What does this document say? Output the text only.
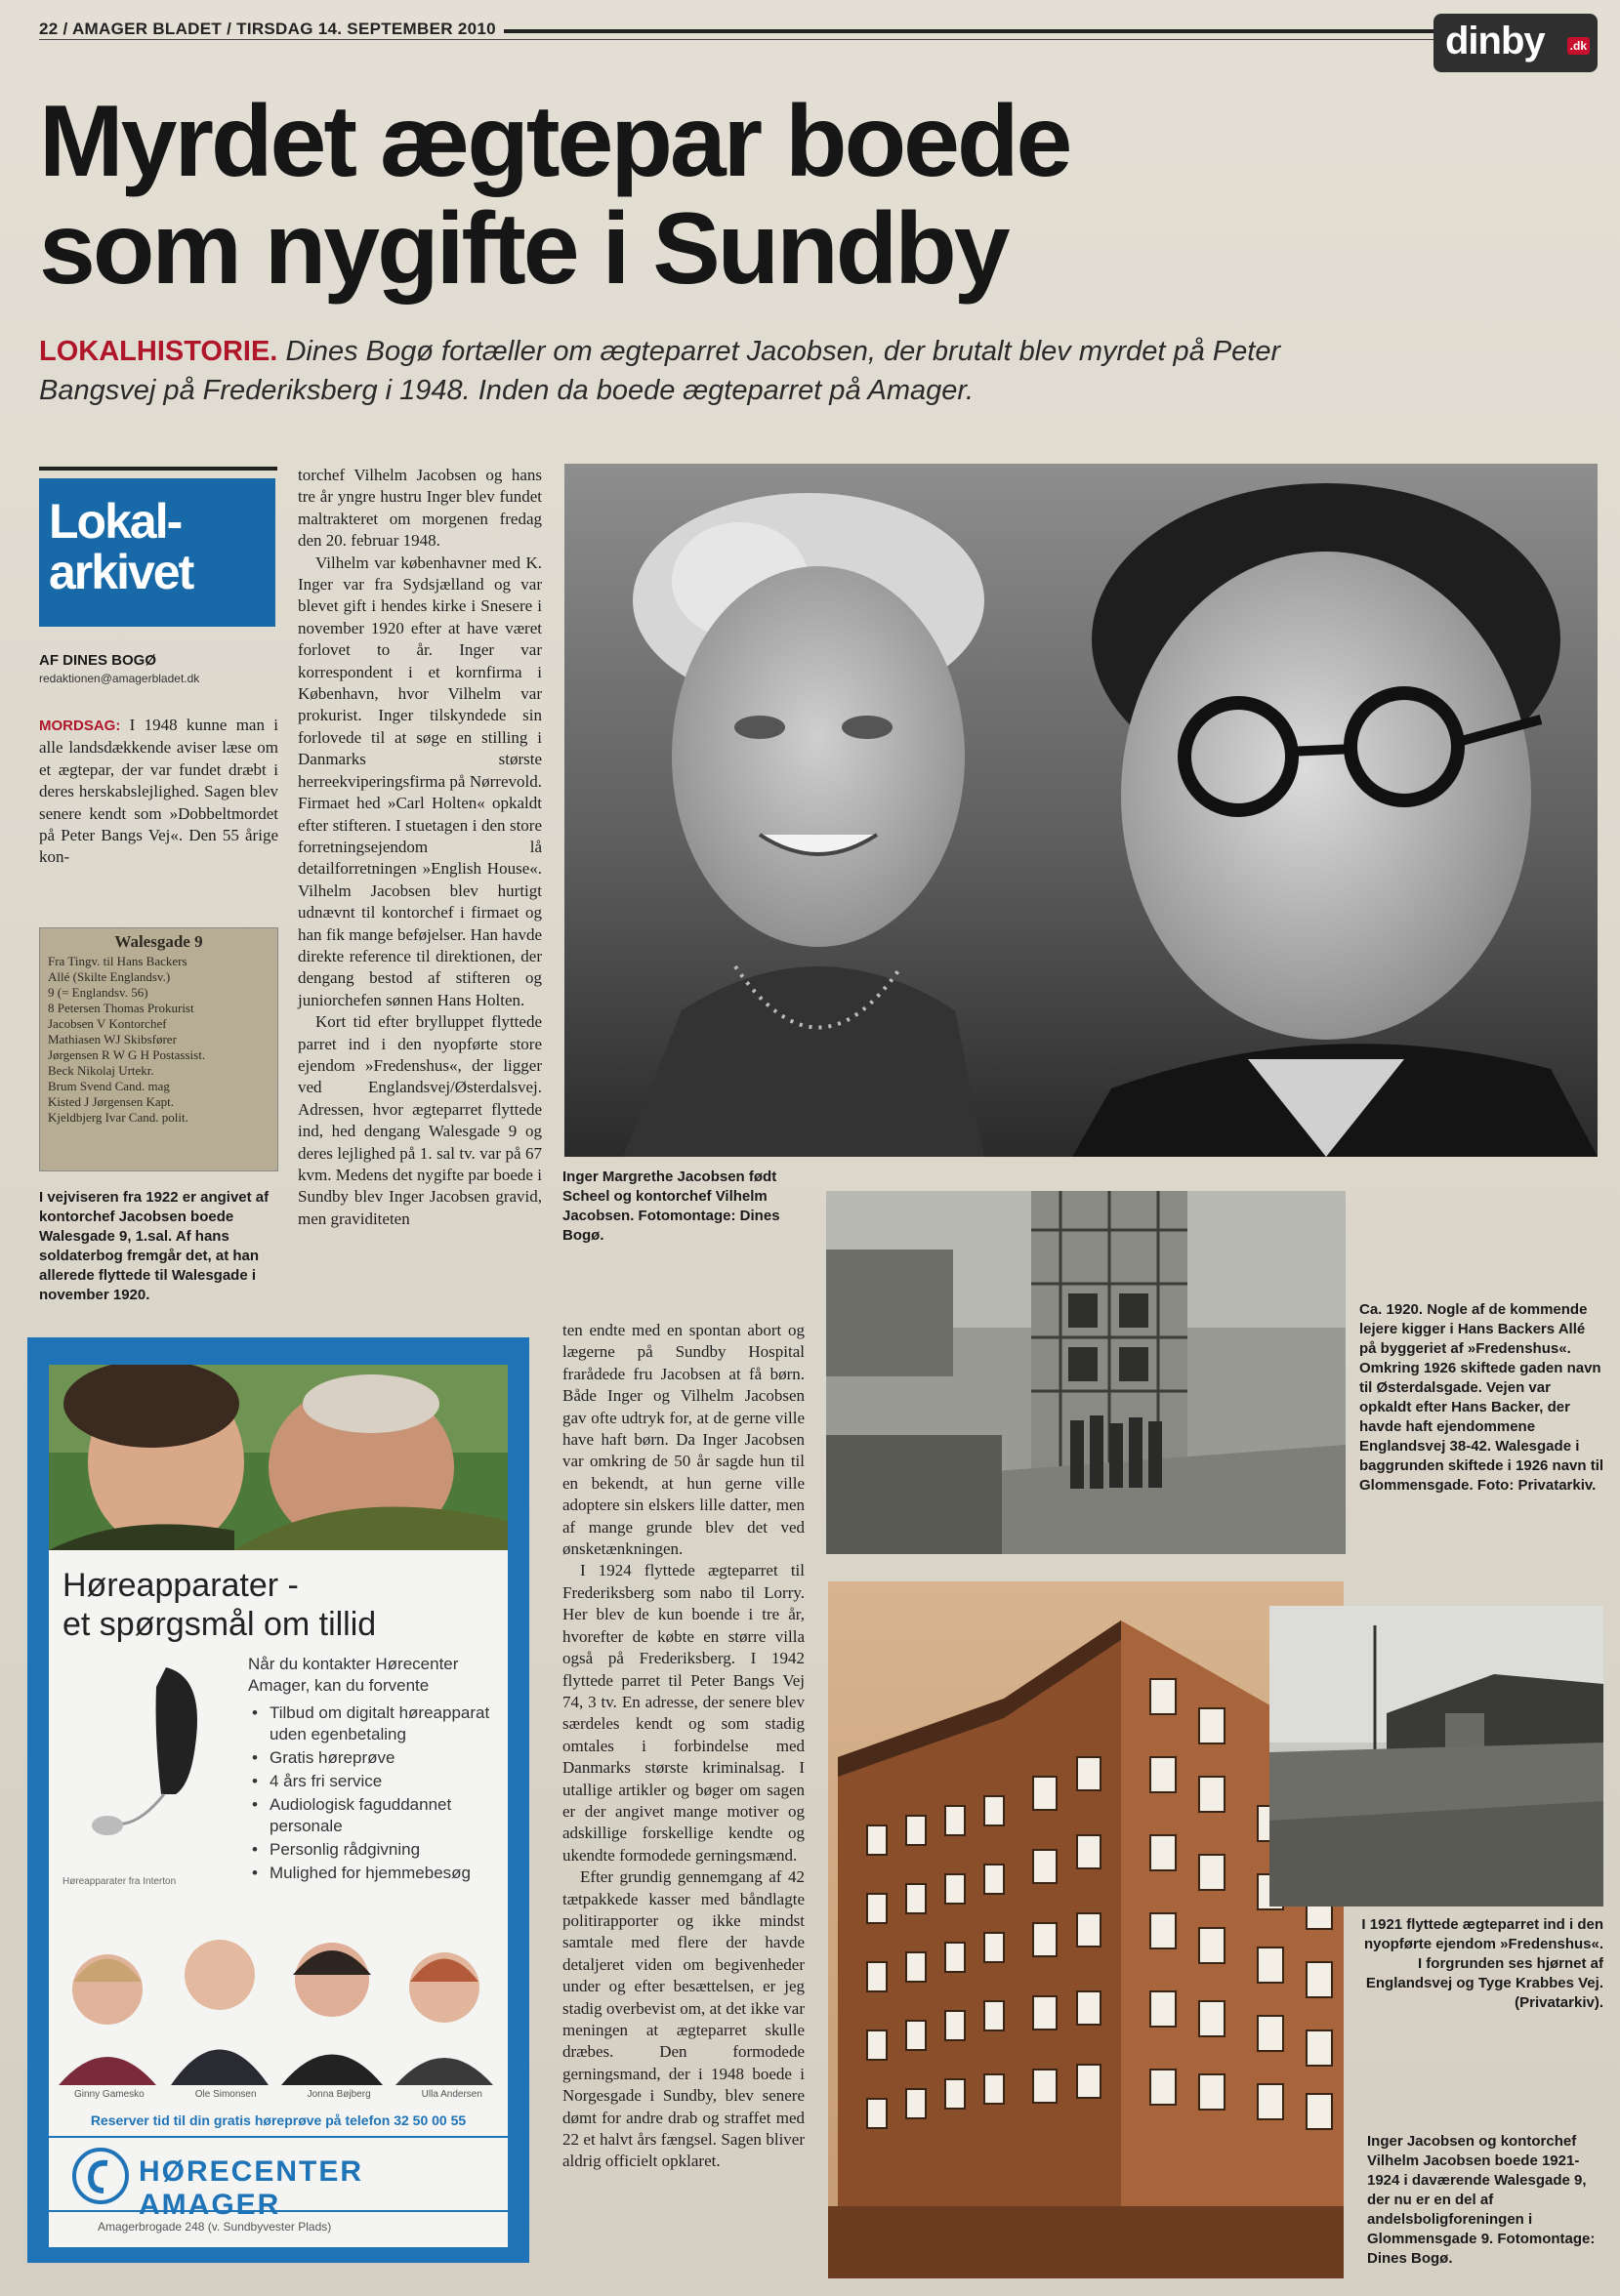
22 / AMAGER BLADET / TIRSDAG 14. SEPTEMBER 2010	dinby .dk
Myrdet ægtepar boede
som nygifte i Sundby
LOKALHISTORIE. Dines Bogø fortæller om ægteparret Jacobsen, der brutalt blev myrdet på Peter Bangsvej på Frederiksberg i 1948. Inden da boede ægteparret på Amager.
Lokal-
arkivet
AF DINES BOGØ
redaktionen@amagerbladet.dk

MORDSAG: I 1948 kunne man i alle landsdækkende aviser læse om et ægtepar, der var fundet dræbt i deres herskabslejlighed. Sagen blev senere kendt som »Dobbeltmordet på Peter Bangs Vej«. Den 55 årige kon-

Walesgade 9
Fra Tingv. til Hans Backers
Allé (Skilte Englandsv.)
9 (= Englandsv. 56)
8 Petersen Thomas Prokurist
Jacobsen V Kontorchef
Mathiasen WJ Skibsfører
Jørgensen R W G H Postassist.
Beck Nikolaj Urtekr.
Brum Svend Cand. mag
Kisted J Jørgensen Kapt.
Kjeldbjerg Ivar Cand. polit.
I vejviseren fra 1922 er angivet af kontorchef Jacobsen boede Walesgade 9, 1.sal. Af hans soldaterbog fremgår det, at han allerede flyttede til Walesgade i november 1920.

torchef Vilhelm Jacobsen og hans tre år yngre hustru Inger blev fundet maltrakteret om morgenen fredag den 20. februar 1948.

Vilhelm var københavner med K. Inger var fra Sydsjælland og var blevet gift i hendes kirke i Snesere i november 1920 efter at have været forlovet to år. Inger var korrespondent i et kornfirma i København, hvor Vilhelm var prokurist. Inger tilskyndede sin forlovede til at søge en stilling i Danmarks største herreekviperingsfirma på Nørrevold. Firmaet hed »Carl Holten« opkaldt efter stifteren. I stuetagen i den store forretningsejendom lå detailforretningen »English House«. Vilhelm Jacobsen blev hurtigt udnævnt til kontorchef i firmaet og han fik mange beføjelser. Han havde direkte reference til direktionen, der dengang bestod af stifteren og juniorchefen sønnen Hans Holten.

Kort tid efter brylluppet flyttede parret ind i den nyopførte store ejendom »Fredenshus«, der ligger ved Englandsvej/Østerdalsvej. Adressen, hvor ægteparret flyttede ind, hed dengang Walesgade 9 og deres lejlighed på 1. sal tv. var på 67 kvm. Medens det nygifte par boede i Sundby blev Inger Jacobsen gravid, men graviditeten

Inger Margrethe Jacobsen født Scheel og kontorchef Vilhelm Jacobsen. Fotomontage: Dines Bogø.
Høreapparater -
et spørgsmål om tillid
Når du kontakter Hørecenter Amager, kan du forvente
• Tilbud om digitalt høreapparat uden egenbetaling
• Gratis høreprøve
• 4 års fri service
• Audiologisk faguddannet personale
• Personlig rådgivning
• Mulighed for hjemmebesøg
Høreapparater fra Interton
Ginny Gamesko	Ole Simonsen	Jonna Bøjberg	Ulla Andersen
Reserver tid til din gratis høreprøve på telefon 32 50 00 55
HØRECENTER AMAGER
Amagerbrogade 248 (v. Sundbyvester Plads)

ten endte med en spontan abort og lægerne på Sundby Hospital frarådede fru Jacobsen at få børn. Både Inger og Vilhelm Jacobsen gav ofte udtryk for, at de gerne ville have haft børn. Da Inger Jacobsen var omkring de 50 år sagde hun til en bekendt, at hun gerne ville adoptere sin elskers lille datter, men af mange grunde blev det ved ønsketænkningen.

I 1924 flyttede ægteparret til Frederiksberg som nabo til Lorry. Her blev de kun boende i tre år, hvorefter de købte en større villa også på Frederiksberg. I 1942 flyttede parret til Peter Bangs Vej 74, 3 tv. En adresse, der senere blev særdeles kendt og som stadig omtales i forbindelse med Danmarks største kriminalsag. I utallige artikler og bøger om sagen er der angivet mange motiver og adskillige forskellige kendte og ukendte formodede gerningsmænd.

Efter grundig gennemgang af 42 tætpakkede kasser med båndlagte politirapporter og ikke mindst samtale med flere der havde detaljeret viden om begivenheder under og efter besættelsen, er jeg stadig overbevist om, at det ikke var meningen at ægteparret skulle dræbes. Den formodede gerningsmand, der i 1948 boede i Norgesgade i Sundby, blev senere dømt for andre drab og straffet med 22 et halvt års fængsel. Sagen bliver aldrig officielt opklaret.

Ca. 1920. Nogle af de kommende lejere kigger i Hans Backers Allé på byggeriet af »Fredenshus«. Omkring 1926 skiftede gaden navn til Østerdalsgade. Vejen var opkaldt efter Hans Backer, der havde haft ejendommene Englandsvej 38-42. Walesgade i baggrunden skiftede i 1926 navn til Glommensgade. Foto: Privatarkiv.
I 1921 flyttede ægteparret ind i den nyopførte ejendom »Fredenshus«. I forgrunden ses hjørnet af Englandsvej og Tyge Krabbes Vej. (Privatarkiv).
Inger Jacobsen og kontorchef Vilhelm Jacobsen boede 1921-1924 i daværende Walesgade 9, der nu er en del af andelsboligforeningen i Glommensgade 9. Fotomontage: Dines Bogø.
